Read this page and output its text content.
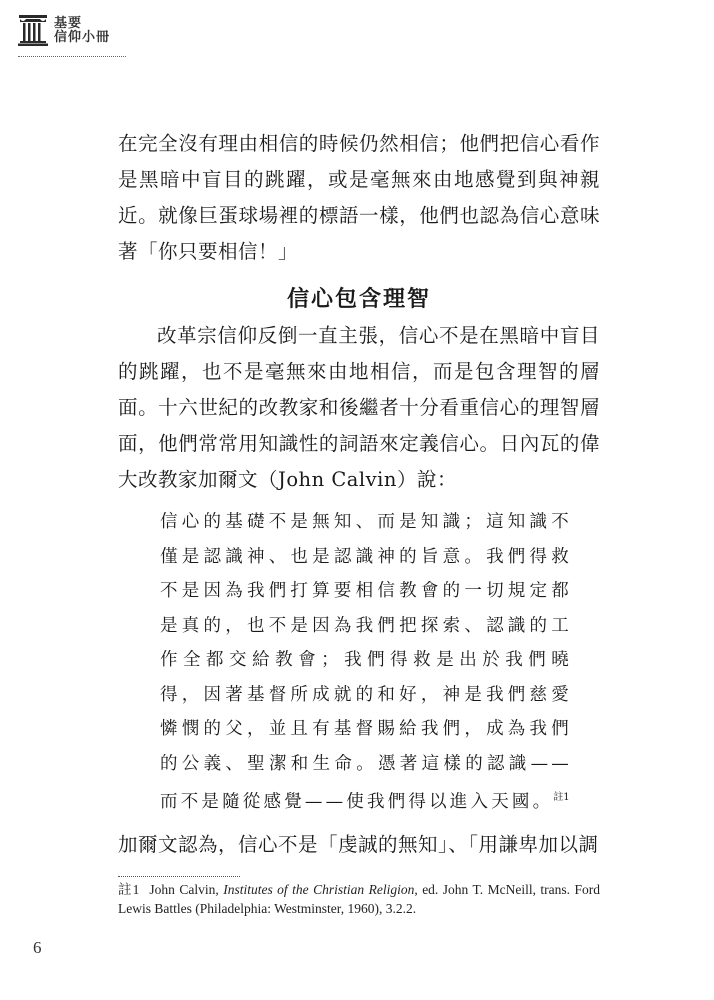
基要
信仰小冊

在完全沒有理由相信的時候仍然相信；他們把信心看作是黑暗中盲目的跳躍，或是毫無來由地感覺到與神親近。就像巨蛋球場裡的標語一樣，他們也認為信心意味著「你只要相信！」

信心包含理智

改革宗信仰反倒一直主張，信心不是在黑暗中盲目的跳躍，也不是毫無來由地相信，而是包含理智的層面。十六世紀的改教家和後繼者十分看重信心的理智層面，他們常常用知識性的詞語來定義信心。日內瓦的偉大改教家加爾文（John Calvin）說：

信心的基礎不是無知、而是知識；這知識不僅是認識神、也是認識神的旨意。我們得救不是因為我們打算要相信教會的一切規定都是真的，也不是因為我們把探索、認識的工作全都交給教會；我們得救是出於我們曉得，因著基督所成就的和好，神是我們慈愛憐憫的父，並且有基督賜給我們，成為我們的公義、聖潔和生命。憑著這樣的認識——而不是隨從感覺——使我們得以進入天國。$^{註1}$

加爾文認為，信心不是「虔誠的無知」、「用謙卑加以調

註1 John Calvin, Institutes of the Christian Religion, ed. John T. McNeill, trans. Ford Lewis Battles (Philadelphia: Westminster, 1960), 3.2.2.
6
